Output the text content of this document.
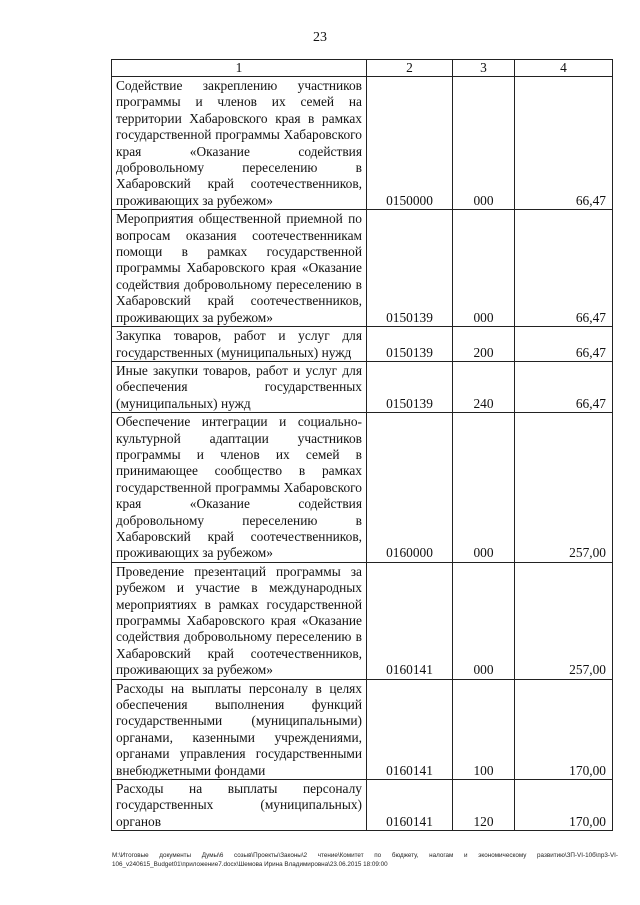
23
1	2	3	4
Содействие закреплению участников программы и членов их семей на территории Хабаровского края в рамках государственной программы Хабаровского края «Оказание содействия добровольному переселению в Хабаровский край соотечественников, проживающих за рубежом»	0150000	000	66,47
Мероприятия общественной приемной по вопросам оказания соотечественникам помощи в рамках государственной программы Хабаровского края «Оказание содействия добровольному переселению в Хабаровский край соотечественников, проживающих за рубежом»	0150139	000	66,47
Закупка товаров, работ и услуг для государственных (муниципальных) нужд	0150139	200	66,47
Иные закупки товаров, работ и услуг для обеспечения государственных (муниципальных) нужд	0150139	240	66,47
Обеспечение интеграции и социально-культурной адаптации участников программы и членов их семей в принимающее сообщество в рамках государственной программы Хабаровского края «Оказание содействия добровольному переселению в Хабаровский край соотечественников, проживающих за рубежом»	0160000	000	257,00
Проведение презентаций программы за рубежом и участие в международных мероприятиях в рамках государственной программы Хабаровского края «Оказание содействия добровольному переселению в Хабаровский край соотечественников, проживающих за рубежом»	0160141	000	257,00
Расходы на выплаты персоналу в целях обеспечения выполнения функций государственными (муниципальными) органами, казенными учреждениями, органами управления государственными внебюджетными фондами	0160141	100	170,00
Расходы на выплаты персоналу государственных (муниципальных) органов	0160141	120	170,00
M:\Итоговые документы Думы\6 созыв\Проекты\Законы\2 чтение\Комитет по бюджету, налогам и экономическому развитию\ЗП-VI-10б\пр3-VI-106_v240615_Budget01\приложение7.docx\Шемова Ирина Владимировна\23.06.2015 18:09:00
